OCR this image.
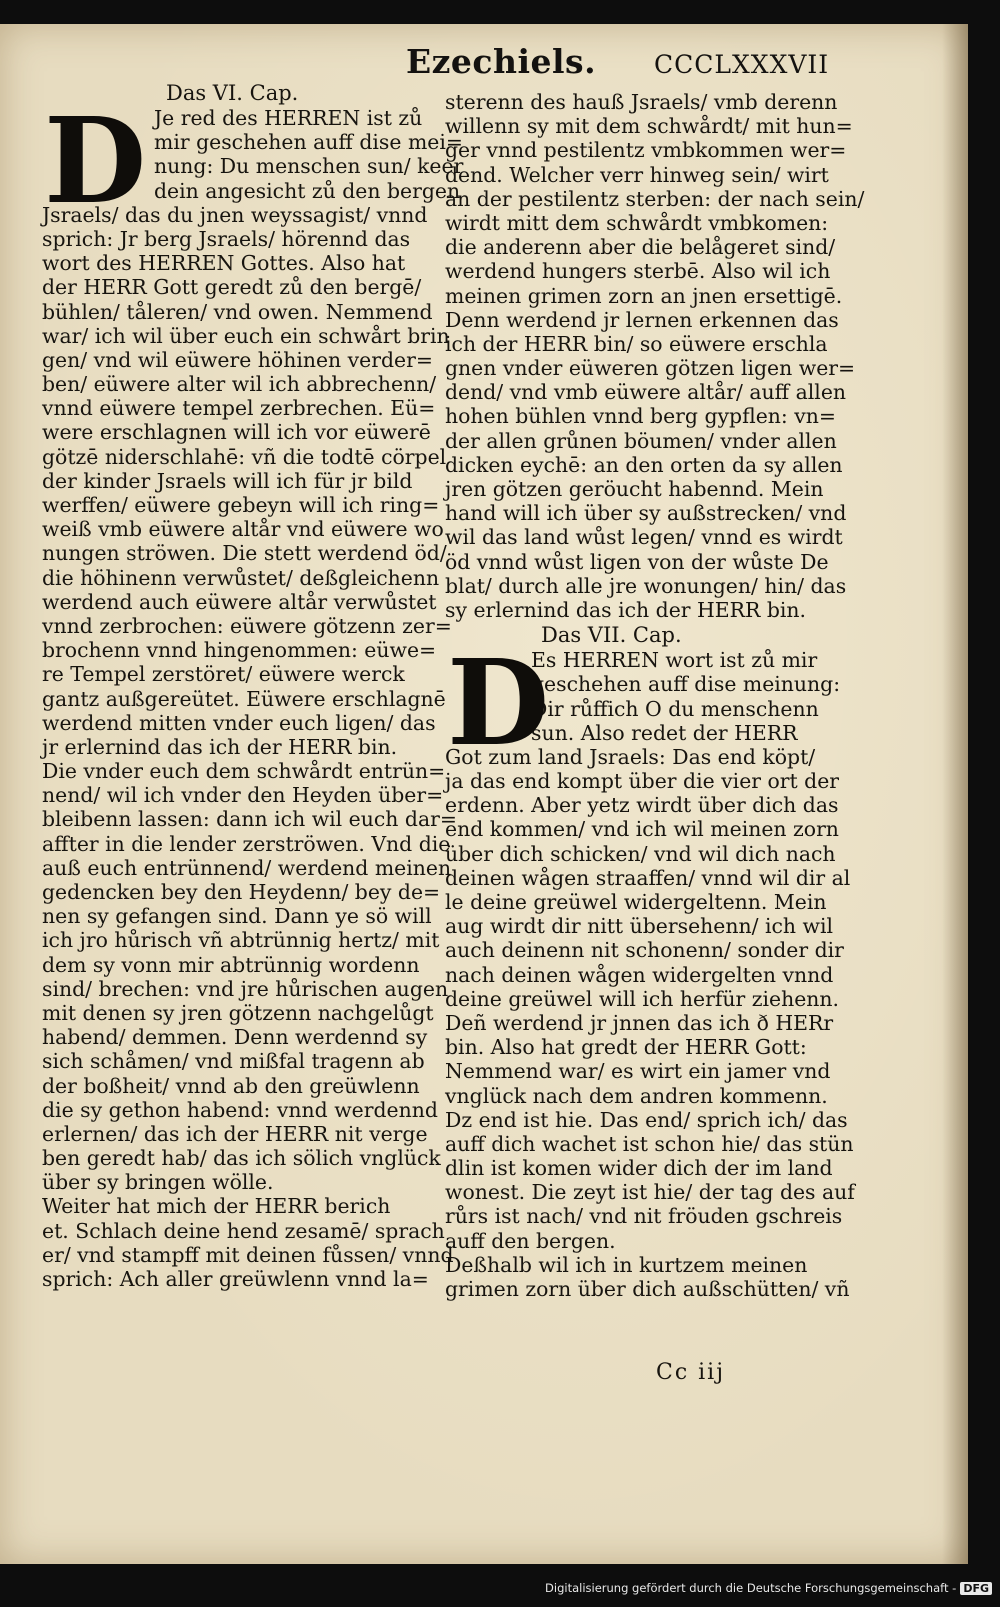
Ezechiels. CCCLXXXVII
Das VI. Cap.
D Je red des HERREN ist zů
mir geschehen auff dise mei=
nung: Du menschen sun/ keer
dein angesicht zů den bergen
Jsraels/ das du jnen weyssagist/ vnnd
sprich: Jr berg Jsraels/ hörennd das
wort des HERREN Gottes. Also hat
der HERR Gott geredt zů den bergē/
bühlen/ tåleren/ vnd owen. Nemmend
war/ ich wil über euch ein schwårt brin
gen/ vnd wil eüwere höhinen verder=
ben/ eüwere alter wil ich abbrechenn/
vnnd eüwere tempel zerbrechen. Eü=
were erschlagnen will ich vor eüwerē
götzē niderschlahē: vñ die todtē cörpel
der kinder Jsraels will ich für jr bild
werffen/ eüwere gebeyn will ich ring=
weiß vmb eüwere altår vnd eüwere wo
nungen ströwen. Die stett werdend öd/
die höhinenn verwůstet/ deßgleichenn
werdend auch eüwere altår verwůstet
vnnd zerbrochen: eüwere götzenn zer=
brochenn vnnd hingenommen: eüwe=
re Tempel zerstöret/ eüwere werck
gantz außgereütet. Eüwere erschlagnē
werdend mitten vnder euch ligen/ das
jr erlernind das ich der HERR bin.
Die vnder euch dem schwårdt entrün=
nend/ wil ich vnder den Heyden über=
bleibenn lassen: dann ich wil euch dar=
affter in die lender zerströwen. Vnd die
auß euch entrünnend/ werdend meinen
gedencken bey den Heydenn/ bey de=
nen sy gefangen sind. Dann ye sö will
ich jro hůrisch vñ abtrünnig hertz/ mit
dem sy vonn mir abtrünnig wordenn
sind/ brechen: vnd jre hůrischen augen
mit denen sy jren götzenn nachgelůgt
habend/ demmen. Denn werdennd sy
sich schåmen/ vnd mißfal tragenn ab
der boßheit/ vnnd ab den greüwlenn
die sy gethon habend: vnnd werdennd
erlernen/ das ich der HERR nit verge
ben geredt hab/ das ich sölich vnglück
über sy bringen wölle.
Weiter hat mich der HERR berich
et. Schlach deine hend zesamē/ sprach
er/ vnd stampff mit deinen fůssen/ vnnd
sprich: Ach aller greüwlenn vnnd la=
sterenn des hauß Jsraels/ vmb derenn
willenn sy mit dem schwårdt/ mit hun=
ger vnnd pestilentz vmbkommen wer=
dend. Welcher verr hinweg sein/ wirt
an der pestilentz sterben: der nach sein/
wirdt mitt dem schwårdt vmbkomen:
die anderenn aber die belågeret sind/
werdend hungers sterbē. Also wil ich
meinen grimen zorn an jnen ersettigē.
Denn werdend jr lernen erkennen das
ich der HERR bin/ so eüwere erschla
gnen vnder eüweren götzen ligen wer=
dend/ vnd vmb eüwere altår/ auff allen
hohen bühlen vnnd berg gypflen: vn=
der allen grůnen böumen/ vnder allen
dicken eychē: an den orten da sy allen
jren götzen geröucht habennd. Mein
hand will ich über sy außstrecken/ vnd
wil das land wůst legen/ vnnd es wirdt
öd vnnd wůst ligen von der wůste De
blat/ durch alle jre wonungen/ hin/ das
sy erlernind das ich der HERR bin.
Das VII. Cap.
D
Es HERREN wort ist zů mir
geschehen auff dise meinung:
Dir růffich O du menschenn
sun. Also redet der HERR
Got zum land Jsraels: Das end köpt/
ja das end kompt über die vier ort der
erdenn. Aber yetz wirdt über dich das
end kommen/ vnd ich wil meinen zorn
über dich schicken/ vnd wil dich nach
deinen wågen straaffen/ vnnd wil dir al
le deine greüwel widergeltenn. Mein
aug wirdt dir nitt übersehenn/ ich wil
auch deinenn nit schonenn/ sonder dir
nach deinen wågen widergelten vnnd
deine greüwel will ich herfür ziehenn.
Deñ werdend jr jnnen das ich ð HERr
bin. Also hat gredt der HERR Gott:
Nemmend war/ es wirt ein jamer vnd
vnglück nach dem andren kommenn.
Dz end ist hie. Das end/ sprich ich/ das
auff dich wachet ist schon hie/ das stün
dlin ist komen wider dich der im land
wonest. Die zeyt ist hie/ der tag des auf
růrs ist nach/ vnd nit fröuden gschreis
auff den bergen.
Deßhalb wil ich in kurtzem meinen
grimen zorn über dich außschütten/ vñ
Cc iij
Digitalisierung gefördert durch die Deutsche Forschungsgemeinschaft - DFG
